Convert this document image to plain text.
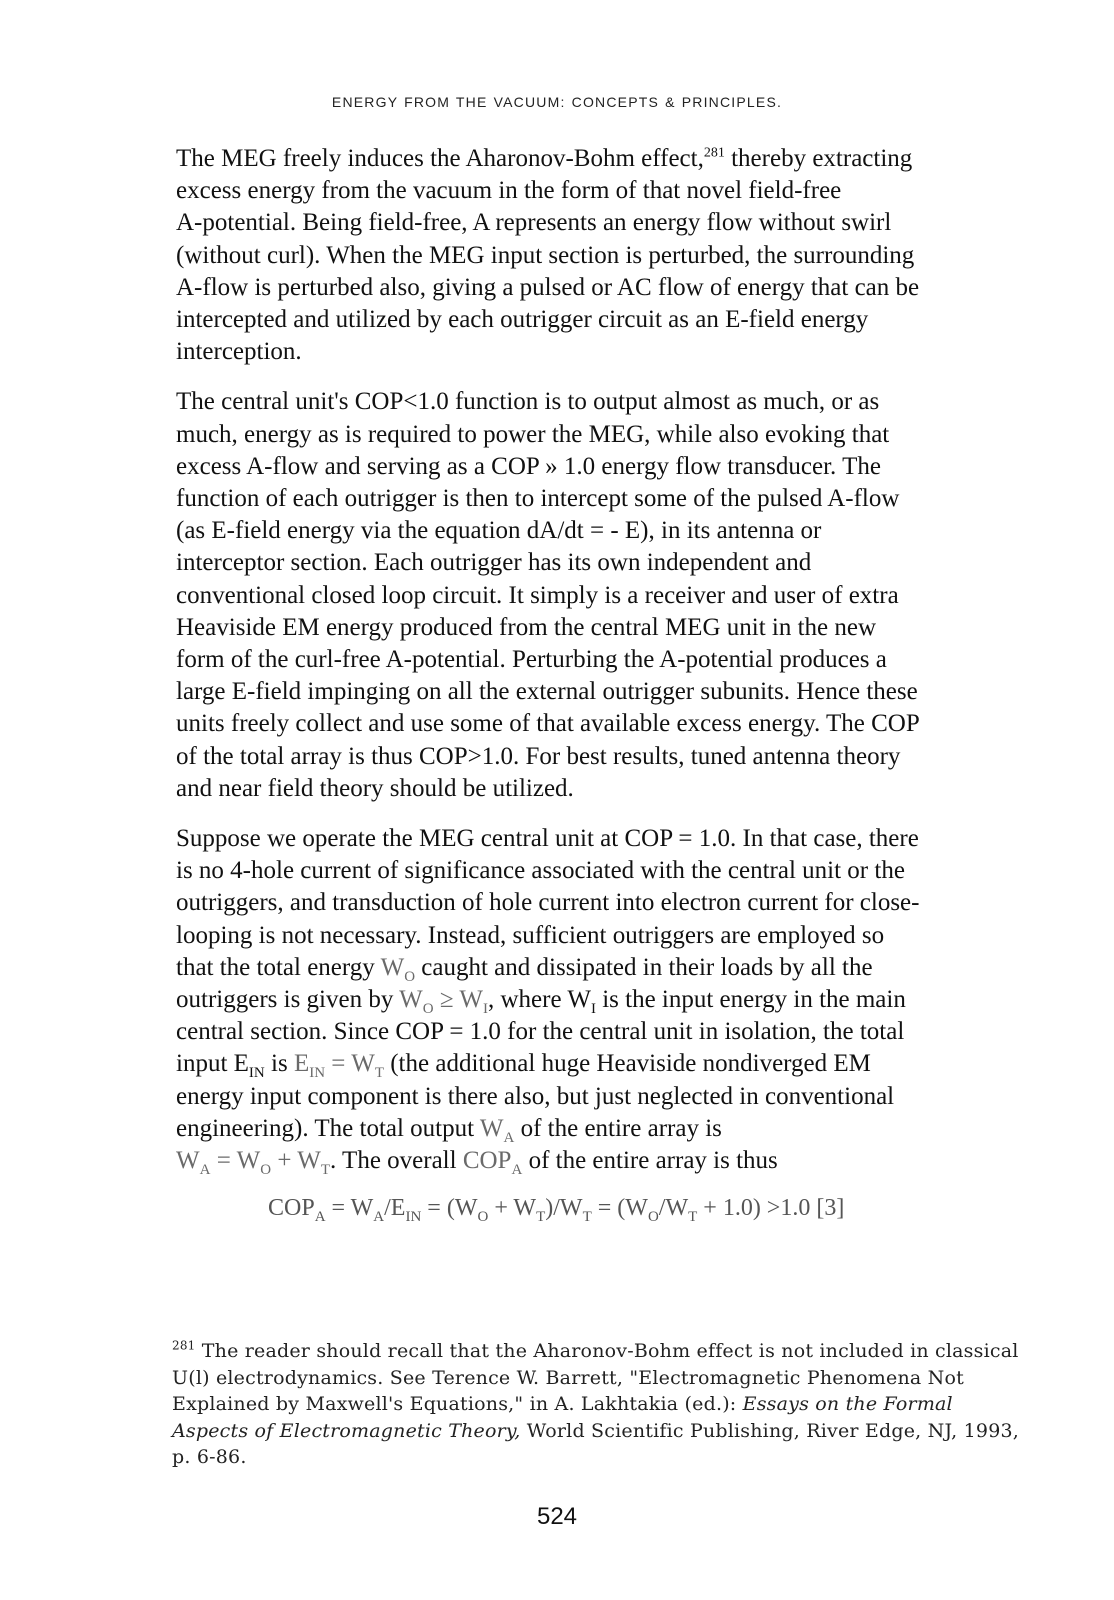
ENERGY FROM THE VACUUM: CONCEPTS & PRINCIPLES.

The MEG freely induces the Aharonov-Bohm effect,$^{281}$ thereby extracting
excess energy from the vacuum in the form of that novel field-free
A-potential. Being field-free, A represents an energy flow without swirl
(without curl). When the MEG input section is perturbed, the surrounding
A-flow is perturbed also, giving a pulsed or AC flow of energy that can be
intercepted and utilized by each outrigger circuit as an E-field energy
interception.

The central unit's COP<1.0 function is to output almost as much, or as
much, energy as is required to power the MEG, while also evoking that
excess A-flow and serving as a COP » 1.0 energy flow transducer. The
function of each outrigger is then to intercept some of the pulsed A-flow
(as E-field energy via the equation dA/dt = - E), in its antenna or
interceptor section. Each outrigger has its own independent and
conventional closed loop circuit. It simply is a receiver and user of extra
Heaviside EM energy produced from the central MEG unit in the new
form of the curl-free A-potential. Perturbing the A-potential produces a
large E-field impinging on all the external outrigger subunits. Hence these
units freely collect and use some of that available excess energy. The COP
of the total array is thus COP>1.0. For best results, tuned antenna theory
and near field theory should be utilized.

Suppose we operate the MEG central unit at COP = 1.0. In that case, there
is no 4-hole current of significance associated with the central unit or the
outriggers, and transduction of hole current into electron current for close-
looping is not necessary. Instead, sufficient outriggers are employed so
that the total energy $W_O$ caught and dissipated in their loads by all the
outriggers is given by $W_O \ge W_I$, where $W_I$ is the input energy in the main
central section. Since COP = 1.0 for the central unit in isolation, the total
input $E_{IN}$ is $E_{IN} = W_T$ (the additional huge Heaviside nondiverged EM
energy input component is there also, but just neglected in conventional
engineering). The total output $W_A$ of the entire array is
$W_A = W_O + W_T$. The overall $COP_A$ of the entire array is thus

$COP_A = W_A/E_{IN} = (W_O + W_T)/W_T = (W_O/W_T + 1.0) >1.0$ [3]
$^{281}$ The reader should recall that the Aharonov-Bohm effect is not included in classical U(l) electrodynamics. See Terence W. Barrett, "Electromagnetic Phenomena Not Explained by Maxwell's Equations," in A. Lakhtakia (ed.): Essays on the Formal Aspects of Electromagnetic Theory, World Scientific Publishing, River Edge, NJ, 1993, p. 6-86.
524
